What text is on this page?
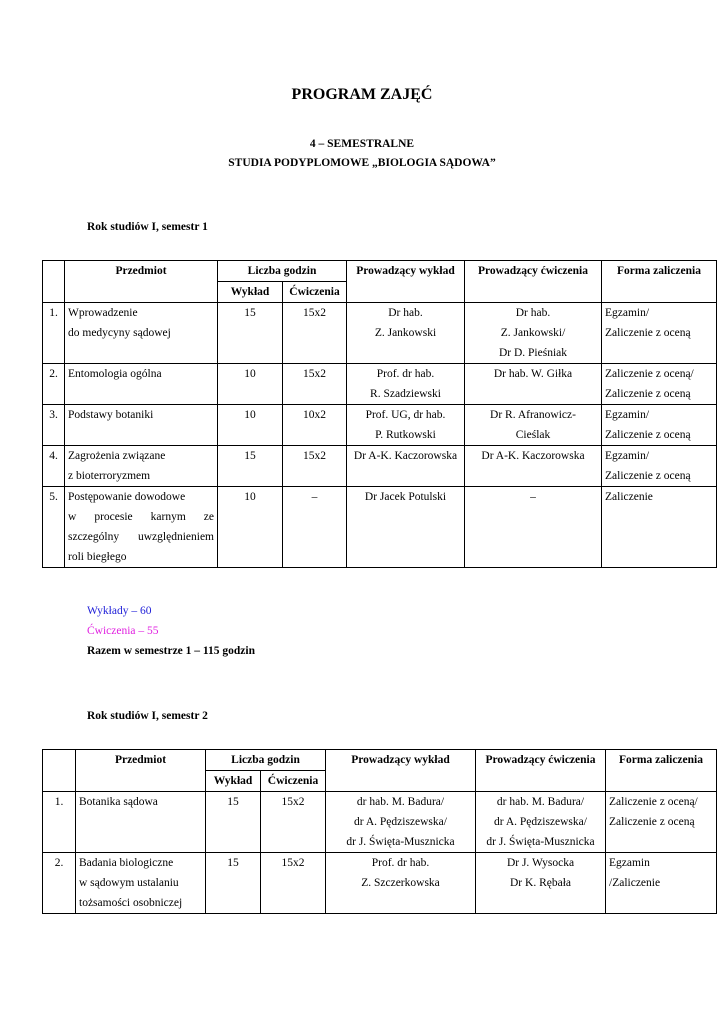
PROGRAM ZAJĘĆ

4 – SEMESTRALNE

STUDIA PODYPLOMOWE „BIOLOGIA SĄDOWA”

Rok studiów I, semestr 1

	Przedmiot	Liczba godzin		Prowadzący wykład	Prowadzący ćwiczenia	Forma zaliczenia
		Wykład	Ćwiczenia			
1.	Wprowadzenie
do medycyny sądowej	15	15x2	Dr hab.
Z. Jankowski	Dr hab.
Z. Jankowski/
Dr D. Pieśniak	Egzamin/
Zaliczenie z oceną

2.	Entomologia ogólna	10	15x2	Prof. dr hab.
R. Szadziewski	Dr hab. W. Giłka	Zaliczenie z oceną/
Zaliczenie z oceną

3.	Podstawy botaniki	10	10x2	Prof. UG, dr hab.
P. Rutkowski	Dr R. Afranowicz-
Cieślak	Egzamin/
Zaliczenie z oceną

4.	Zagrożenia związane
z bioterroryzmem	15	15x2	Dr A-K. Kaczorowska	Dr A-K. Kaczorowska	Egzamin/
Zaliczenie z oceną

5.	Postępowanie dowodowe
w procesie karnym ze
szczególny uwzględnieniem
roli biegłego	10	–	Dr Jacek Potulski	–	Zaliczenie
Wykłady – 60
Ćwiczenia – 55
Razem w semestrze 1 – 115 godzin

Rok studiów I, semestr 2

	Przedmiot	Liczba godzin		Prowadzący wykład	Prowadzący ćwiczenia	Forma zaliczenia
		Wykład	Ćwiczenia			
1.	Botanika sądowa	15	15x2	dr hab. M. Badura/
dr A. Pędziszewska/
dr J. Święta-Musznicka	dr hab. M. Badura/
dr A. Pędziszewska/
dr J. Święta-Musznicka	Zaliczenie z oceną/
Zaliczenie z oceną

2.	Badania biologiczne
w sądowym ustalaniu
tożsamości osobniczej	15	15x2	Prof. dr hab.
Z. Szczerkowska	Dr J. Wysocka
Dr K. Rębała	Egzamin
/Zaliczenie
